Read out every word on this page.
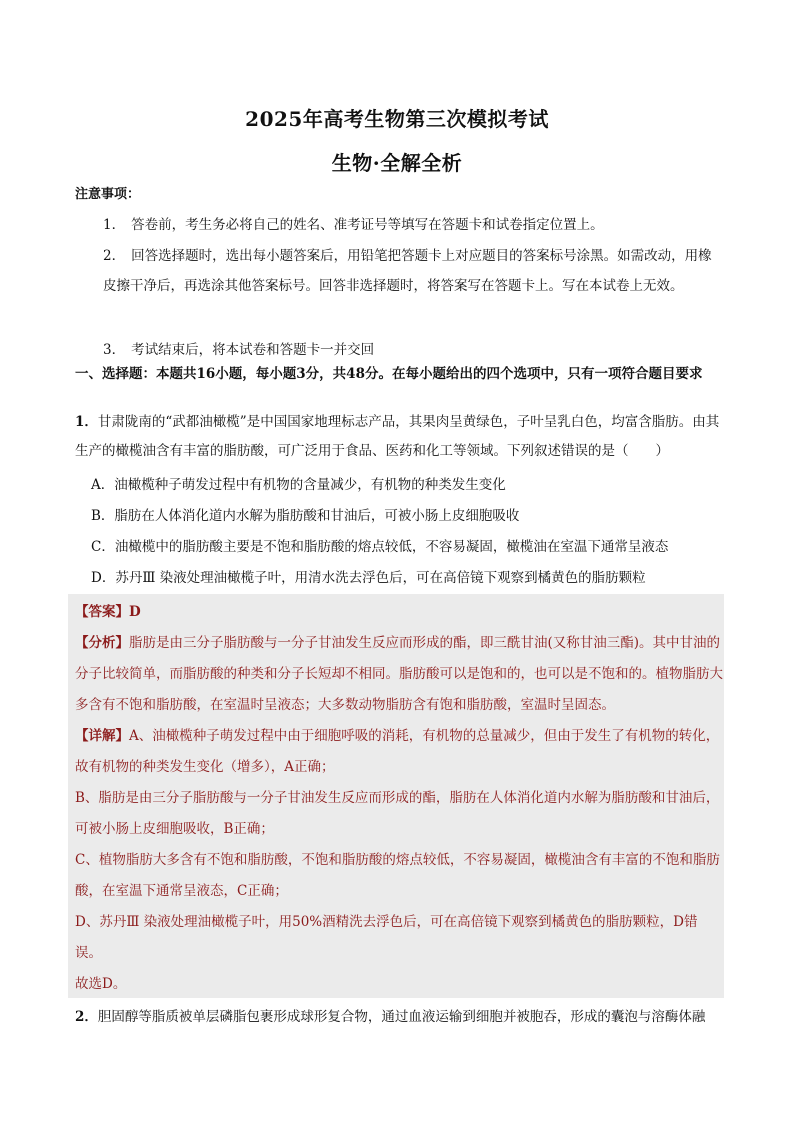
2025年高考生物第三次模拟考试
生物·全解全析
注意事项：
1． 答卷前，考生务必将自己的姓名、准考证号等填写在答题卡和试卷指定位置上。
2． 回答选择题时，选出每小题答案后，用铅笔把答题卡上对应题目的答案标号涂黑。如需改动，用橡皮擦干净后，再选涂其他答案标号。回答非选择题时，将答案写在答题卡上。写在本试卷上无效。
3． 考试结束后，将本试卷和答题卡一并交回
一、选择题：本题共16小题，每小题3分，共48分。在每小题给出的四个选项中，只有一项符合题目要求
1．甘肃陇南的“武都油橄榄”是中国国家地理标志产品，其果肉呈黄绿色，子叶呈乳白色，均富含脂肪。由其生产的橄榄油含有丰富的脂肪酸，可广泛用于食品、医药和化工等领域。下列叙述错误的是（　　）
A．油橄榄种子萌发过程中有机物的含量减少，有机物的种类发生变化
B．脂肪在人体消化道内水解为脂肪酸和甘油后，可被小肠上皮细胞吸收
C．油橄榄中的脂肪酸主要是不饱和脂肪酸的熔点较低，不容易凝固，橄榄油在室温下通常呈液态
D．苏丹Ⅲ 染液处理油橄榄子叶，用清水洗去浮色后，可在高倍镜下观察到橘黄色的脂肪颗粒

【答案】D

【分析】脂肪是由三分子脂肪酸与一分子甘油发生反应而形成的酯，即三酰甘油(又称甘油三酯)。其中甘油的分子比较简单，而脂肪酸的种类和分子长短却不相同。脂肪酸可以是饱和的，也可以是不饱和的。植物脂肪大多含有不饱和脂肪酸，在室温时呈液态；大多数动物脂肪含有饱和脂肪酸，室温时呈固态。

【详解】A、油橄榄种子萌发过程中由于细胞呼吸的消耗，有机物的总量减少，但由于发生了有机物的转化，故有机物的种类发生变化（增多），A正确；

B、脂肪是由三分子脂肪酸与一分子甘油发生反应而形成的酯，脂肪在人体消化道内水解为脂肪酸和甘油后，可被小肠上皮细胞吸收，B正确；

C、植物脂肪大多含有不饱和脂肪酸，不饱和脂肪酸的熔点较低，不容易凝固，橄榄油含有丰富的不饱和脂肪酸，在室温下通常呈液态，C正确；

D、苏丹Ⅲ 染液处理油橄榄子叶，用50%酒精洗去浮色后，可在高倍镜下观察到橘黄色的脂肪颗粒，D错误。

故选D。

2．胆固醇等脂质被单层磷脂包裹形成球形复合物，通过血液运输到细胞并被胞吞，形成的囊泡与溶酶体融
